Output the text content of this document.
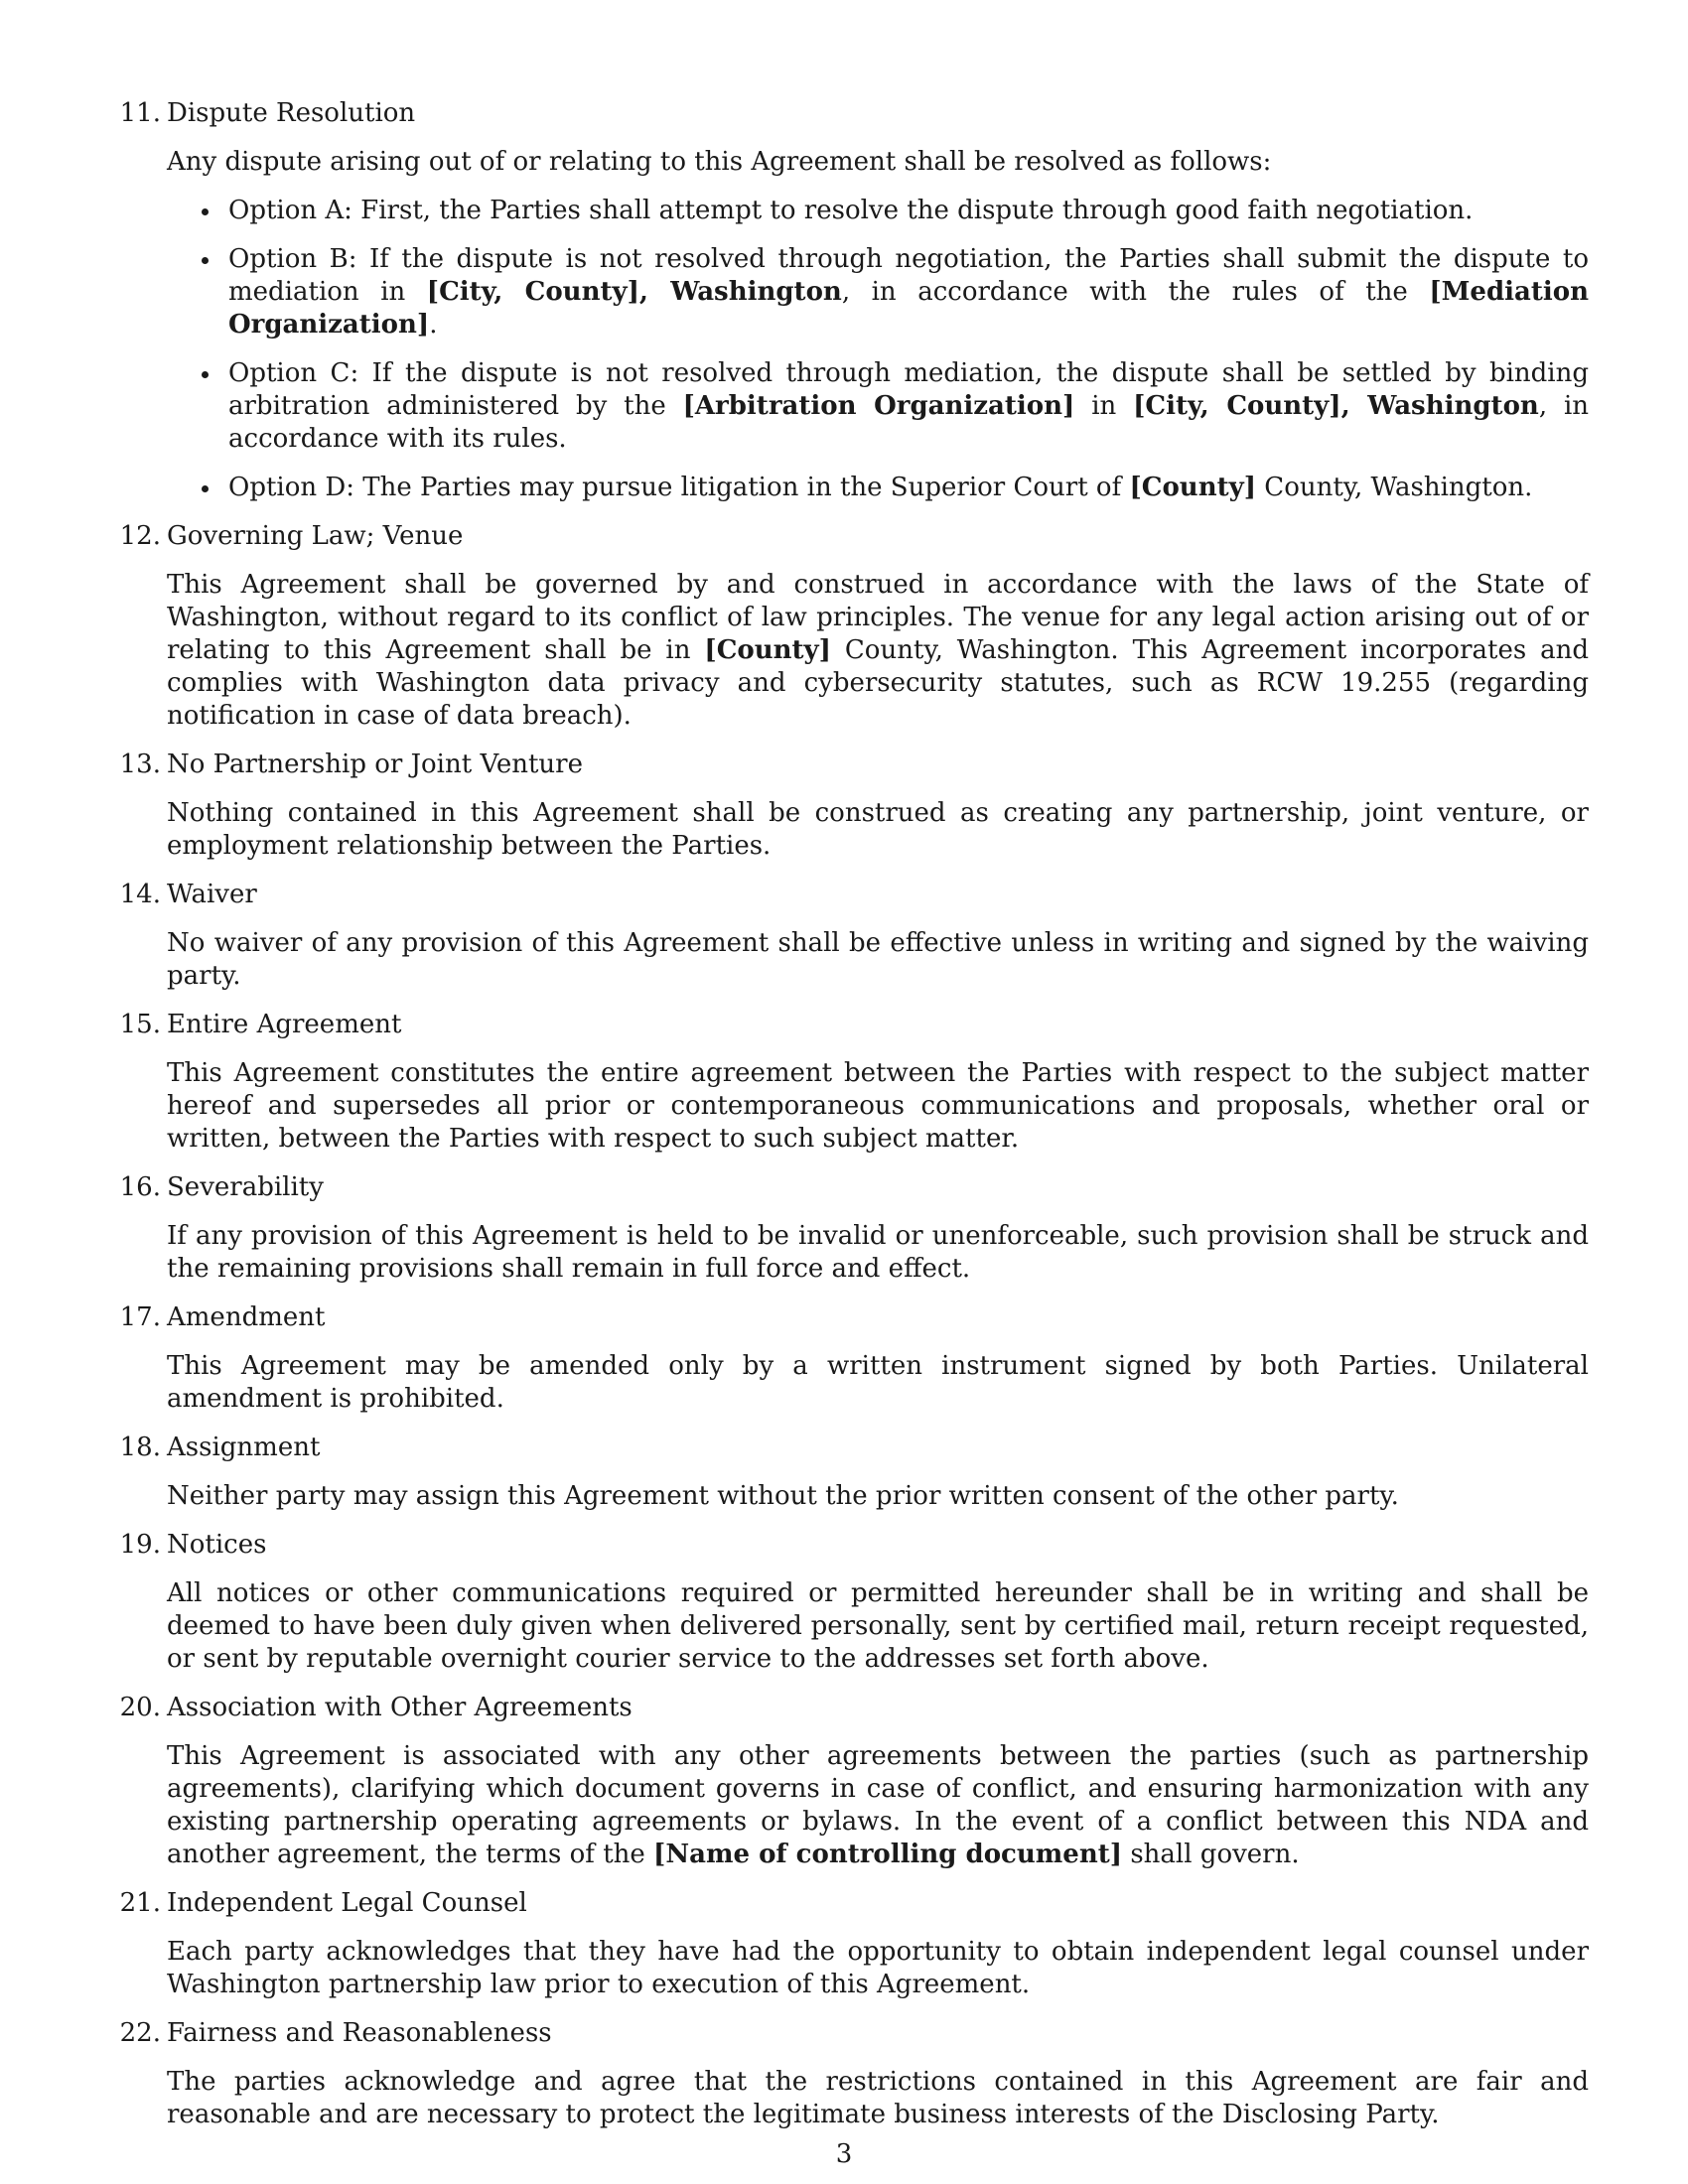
11. Dispute Resolution
Any dispute arising out of or relating to this Agreement shall be resolved as follows:
Option A: First, the Parties shall attempt to resolve the dispute through good faith negotiation.
Option B: If the dispute is not resolved through negotiation, the Parties shall submit the dispute to mediation in [City, County], Washington, in accordance with the rules of the [Mediation Organization].
Option C: If the dispute is not resolved through mediation, the dispute shall be settled by binding arbitration administered by the [Arbitration Organization] in [City, County], Washington, in accordance with its rules.
Option D: The Parties may pursue litigation in the Superior Court of [County] County, Washington.
12. Governing Law; Venue
This Agreement shall be governed by and construed in accordance with the laws of the State of Washington, without regard to its conflict of law principles. The venue for any legal action arising out of or relating to this Agreement shall be in [County] County, Washington. This Agreement incorporates and complies with Washington data privacy and cybersecurity statutes, such as RCW 19.255 (regarding notification in case of data breach).
13. No Partnership or Joint Venture
Nothing contained in this Agreement shall be construed as creating any partnership, joint venture, or employment relationship between the Parties.
14. Waiver
No waiver of any provision of this Agreement shall be effective unless in writing and signed by the waiving party.
15. Entire Agreement
This Agreement constitutes the entire agreement between the Parties with respect to the subject matter hereof and supersedes all prior or contemporaneous communications and proposals, whether oral or written, between the Parties with respect to such subject matter.
16. Severability
If any provision of this Agreement is held to be invalid or unenforceable, such provision shall be struck and the remaining provisions shall remain in full force and effect.
17. Amendment
This Agreement may be amended only by a written instrument signed by both Parties. Unilateral amendment is prohibited.
18. Assignment
Neither party may assign this Agreement without the prior written consent of the other party.
19. Notices
All notices or other communications required or permitted hereunder shall be in writing and shall be deemed to have been duly given when delivered personally, sent by certified mail, return receipt requested, or sent by reputable overnight courier service to the addresses set forth above.
20. Association with Other Agreements
This Agreement is associated with any other agreements between the parties (such as partnership agreements), clarifying which document governs in case of conflict, and ensuring harmonization with any existing partnership operating agreements or bylaws. In the event of a conflict between this NDA and another agreement, the terms of the [Name of controlling document] shall govern.
21. Independent Legal Counsel
Each party acknowledges that they have had the opportunity to obtain independent legal counsel under Washington partnership law prior to execution of this Agreement.
22. Fairness and Reasonableness
The parties acknowledge and agree that the restrictions contained in this Agreement are fair and reasonable and are necessary to protect the legitimate business interests of the Disclosing Party.
3
